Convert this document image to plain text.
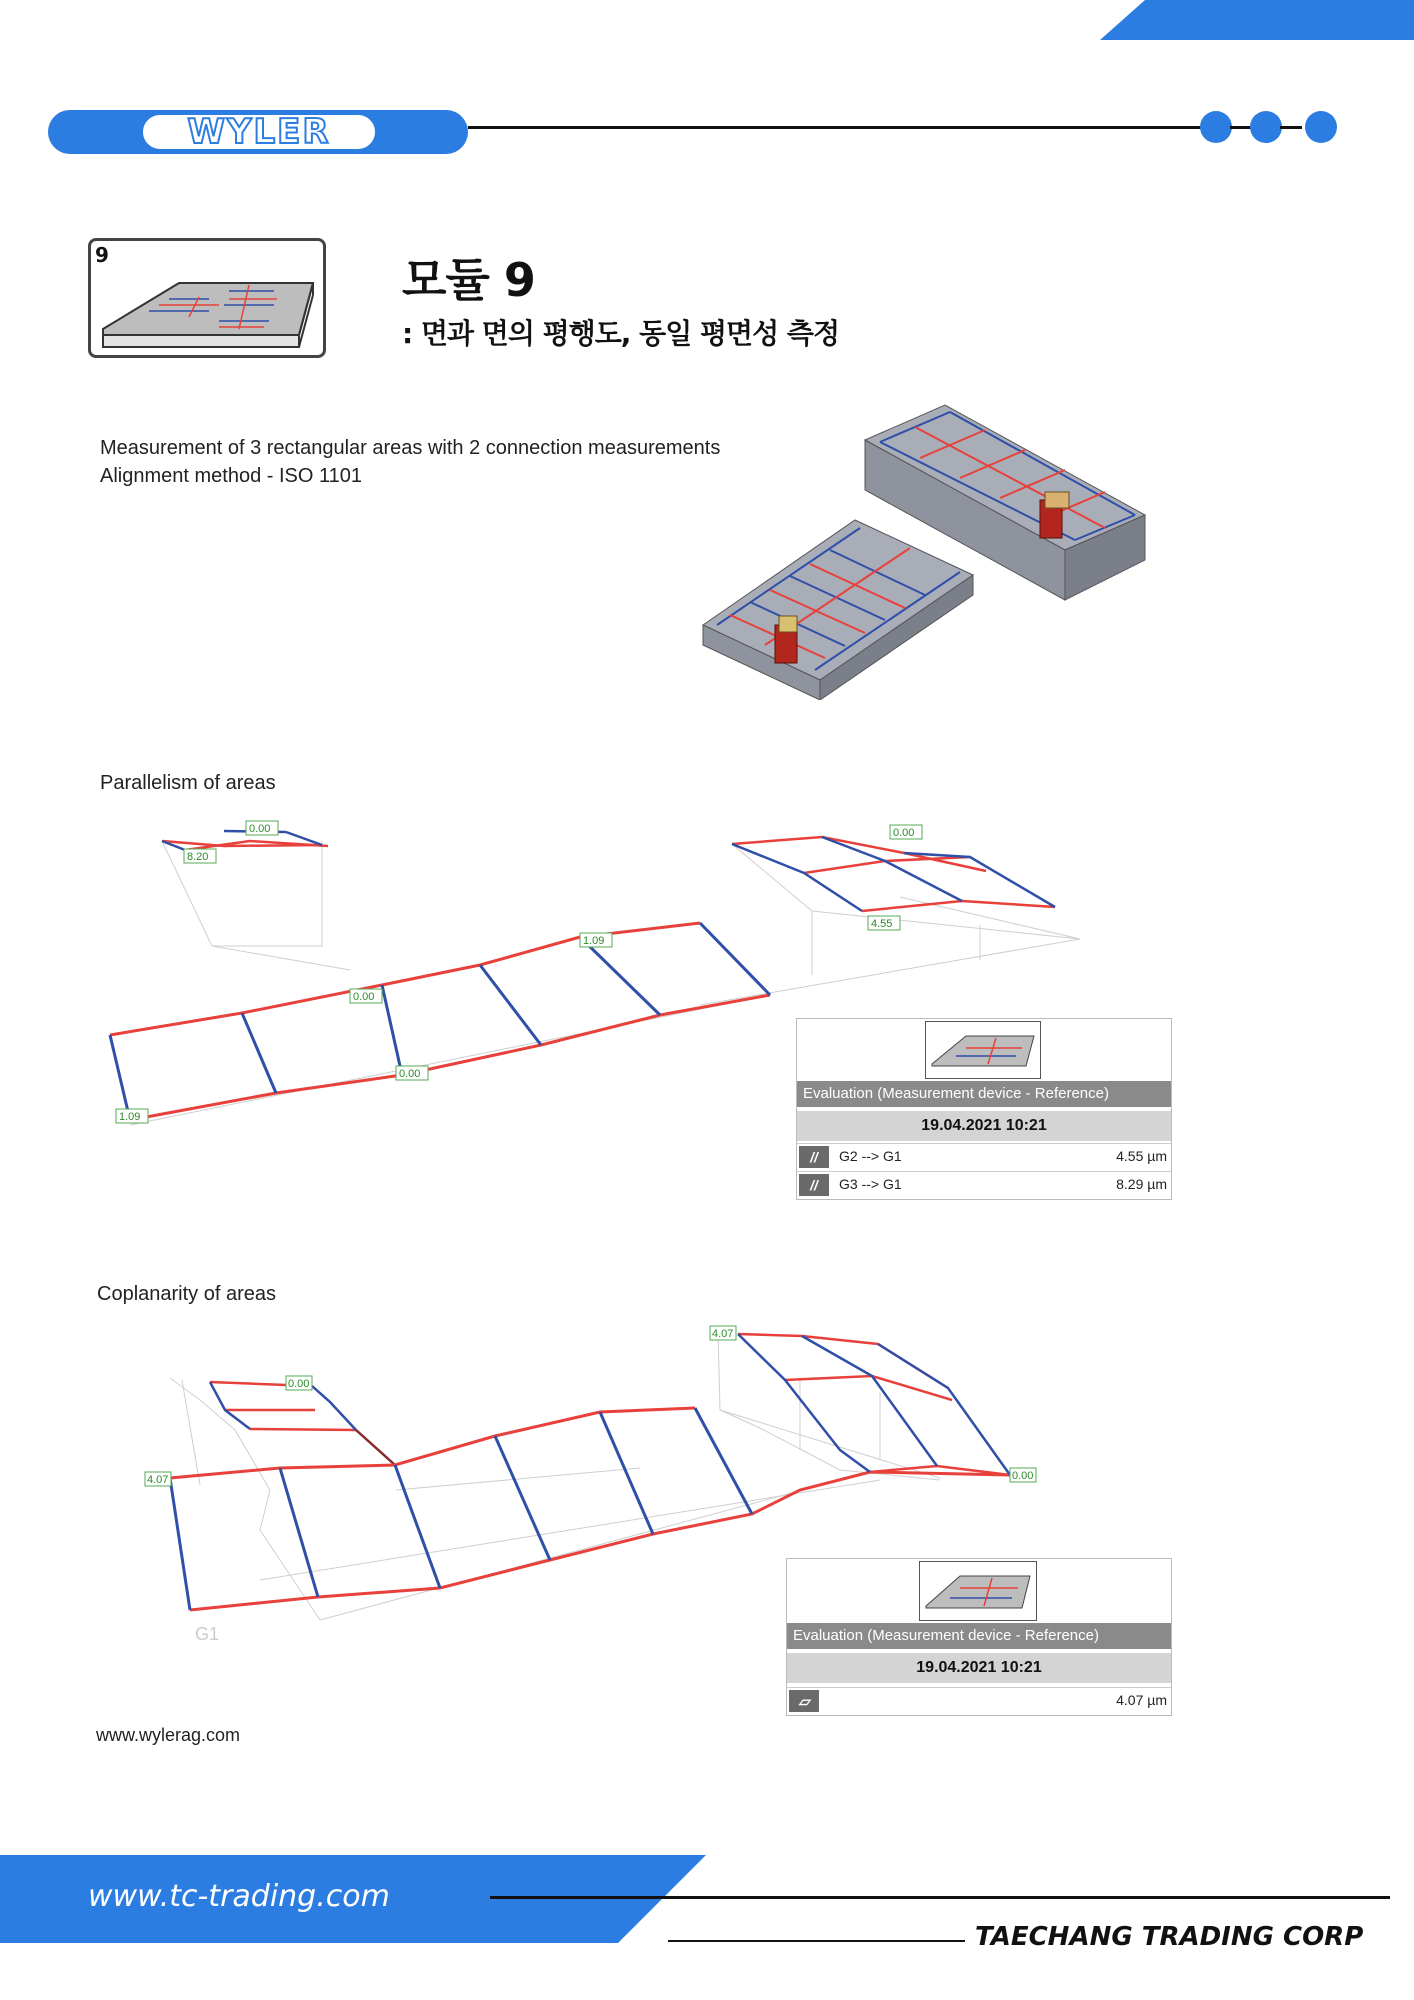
WYLER
9	모듈 9
: 면과 면의 평행도, 동일 평면성 측정
Measurement of 3 rectangular areas with 2 connection measurements
Alignment method - ISO 1101
Parallelism of areas
0.00
8.20
0.00
4.55
1.09
0.00
0.00
1.09
Evaluation (Measurement device - Reference)
19.04.2021 10:21
//	G2 --> G1	4.55 µm
//	G3 --> G1	8.29 µm
Coplanarity of areas
G1
4.07
0.00
4.07	0.00
Evaluation (Measurement device - Reference)
19.04.2021 10:21
▱	4.07 µm
www.wylerag.com
www.tc-trading.com
TAECHANG TRADING CORP
